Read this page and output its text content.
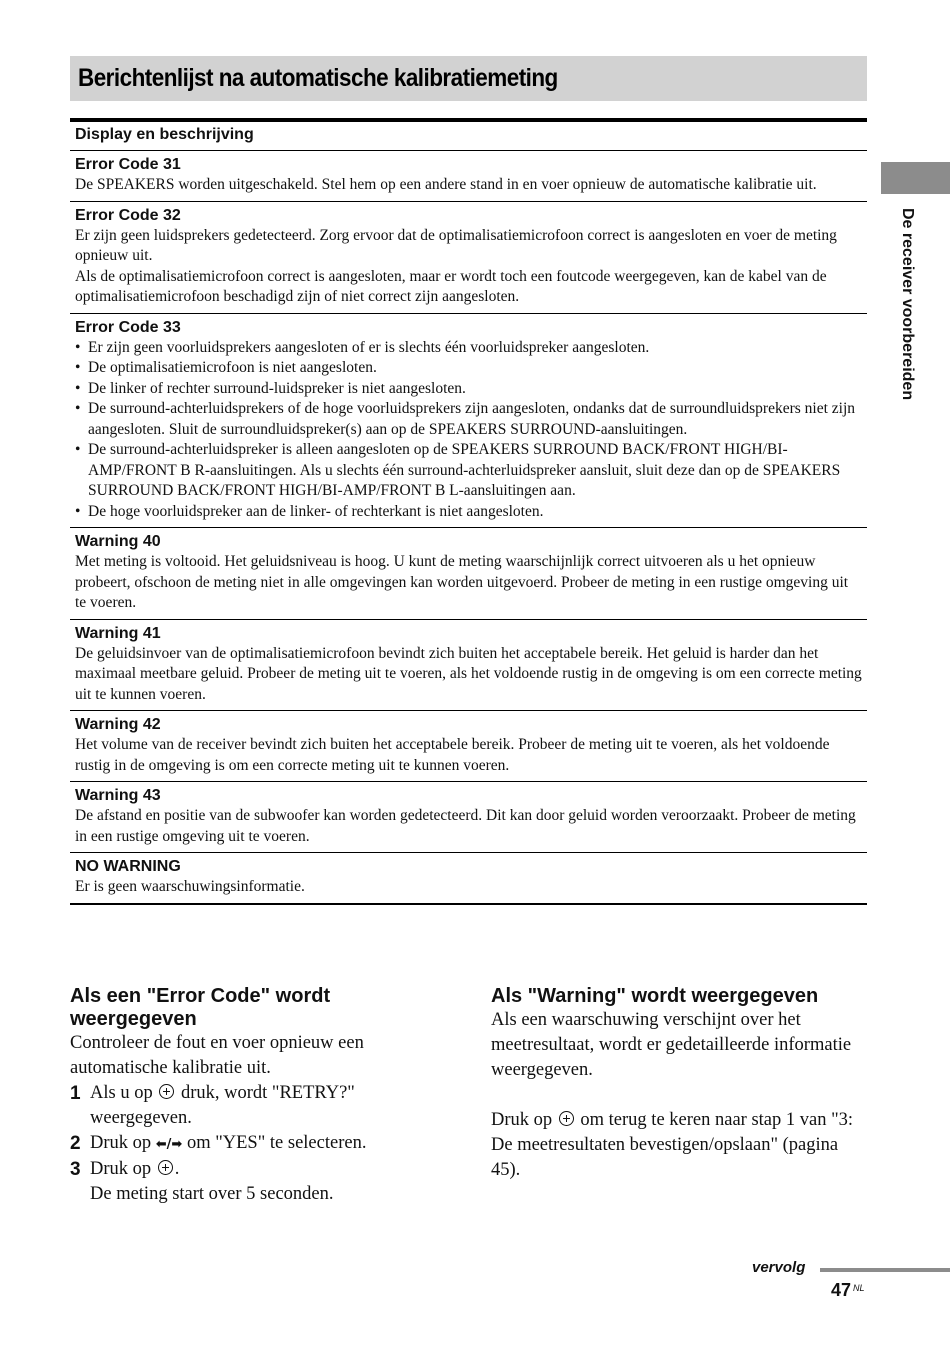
Berichtenlijst na automatische kalibratiemeting
De receiver voorbereiden
Display en beschrijving
Error Code 31

De SPEAKERS worden uitgeschakeld. Stel hem op een andere stand in en voer opnieuw de automatische kalibratie uit.

Error Code 32

Er zijn geen luidsprekers gedetecteerd. Zorg ervoor dat de optimalisatiemicrofoon correct is aangesloten en voer de meting opnieuw uit.

Als de optimalisatiemicrofoon correct is aangesloten, maar er wordt toch een foutcode weergegeven, kan de kabel van de optimalisatiemicrofoon beschadigd zijn of niet correct zijn aangesloten.

Error Code 33
• Er zijn geen voorluidsprekers aangesloten of er is slechts één voorluidspreker aangesloten.
• De optimalisatiemicrofoon is niet aangesloten.
• De linker of rechter surround-luidspreker is niet aangesloten.
• De surround-achterluidsprekers of de hoge voorluidsprekers zijn aangesloten, ondanks dat de surroundluidsprekers niet zijn aangesloten. Sluit de surroundluidspreker(s) aan op de SPEAKERS SURROUND-aansluitingen.
• De surround-achterluidspreker is alleen aangesloten op de SPEAKERS SURROUND BACK/FRONT HIGH/BI-AMP/FRONT B R-aansluitingen. Als u slechts één surround-achterluidspreker aansluit, sluit deze dan op de SPEAKERS SURROUND BACK/FRONT HIGH/BI-AMP/FRONT B L-aansluitingen aan.
• De hoge voorluidspreker aan de linker- of rechterkant is niet aangesloten.
Warning 40

Met meting is voltooid. Het geluidsniveau is hoog. U kunt de meting waarschijnlijk correct uitvoeren als u het opnieuw probeert, ofschoon de meting niet in alle omgevingen kan worden uitgevoerd. Probeer de meting in een rustige omgeving uit te voeren.

Warning 41

De geluidsinvoer van de optimalisatiemicrofoon bevindt zich buiten het acceptabele bereik. Het geluid is harder dan het maximaal meetbare geluid. Probeer de meting uit te voeren, als het voldoende rustig in de omgeving is om een correcte meting uit te kunnen voeren.

Warning 42

Het volume van de receiver bevindt zich buiten het acceptabele bereik. Probeer de meting uit te voeren, als het voldoende rustig in de omgeving is om een correcte meting uit te kunnen voeren.

Warning 43

De afstand en positie van de subwoofer kan worden gedetecteerd. Dit kan door geluid worden veroorzaakt. Probeer de meting in een rustige omgeving uit te voeren.

NO WARNING

Er is geen waarschuwingsinformatie.

Als een "Error Code" wordt weergegeven

Controleer de fout en voer opnieuw een automatische kalibratie uit.

1 Als u op druk, wordt "RETRY?" weergegeven.
2 Druk op ⬅/➡ om "YES" te selecteren.
3 Druk op .
De meting start over 5 seconden.
Als "Warning" wordt weergegeven

Als een waarschuwing verschijnt over het meetresultaat, wordt er gedetailleerde informatie weergegeven.

Druk op om terug te keren naar stap 1 van "3: De meetresultaten bevestigen/opslaan" (pagina 45).

vervolg
47 NL
